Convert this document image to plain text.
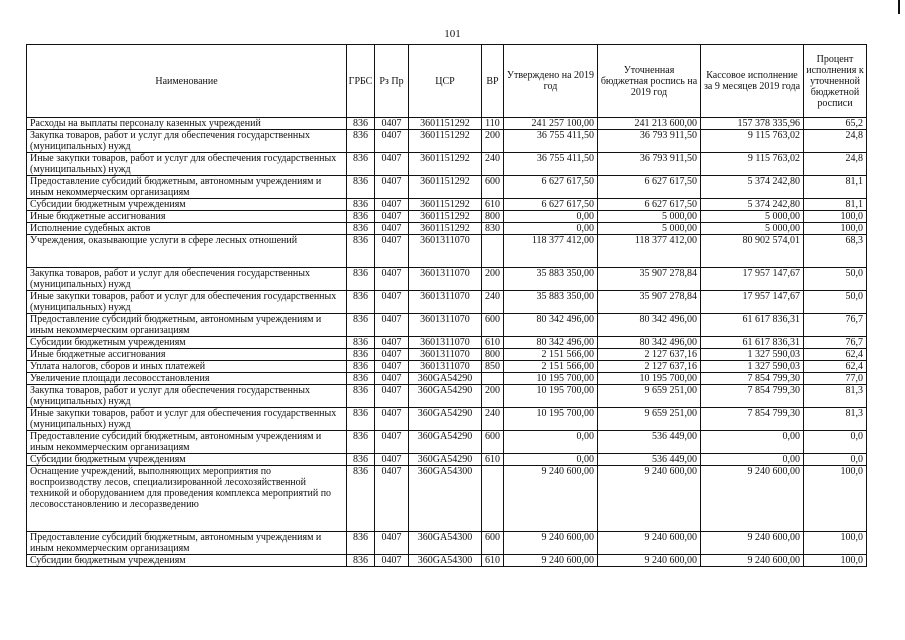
101
Наименование	ГРБС	Рз Пр	ЦСР	ВР	Утверждено на 2019 год	Уточненная бюджетная роспись на 2019 год	Кассовое исполнение за 9 месяцев 2019 года	Процент исполнения к уточненной бюджетной росписи
Расходы на выплаты персоналу казенных учреждений	836	0407	3601151292	110	241 257 100,00	241 213 600,00	157 378 335,96	65,2
Закупка товаров, работ и услуг для обеспечения государственных (муниципальных) нужд	836	0407	3601151292	200	36 755 411,50	36 793 911,50	9 115 763,02	24,8
Иные закупки товаров, работ и услуг для обеспечения государственных (муниципальных) нужд	836	0407	3601151292	240	36 755 411,50	36 793 911,50	9 115 763,02	24,8
Предоставление субсидий бюджетным, автономным учреждениям и иным некоммерческим организациям	836	0407	3601151292	600	6 627 617,50	6 627 617,50	5 374 242,80	81,1
Субсидии бюджетным учреждениям	836	0407	3601151292	610	6 627 617,50	6 627 617,50	5 374 242,80	81,1
Иные бюджетные ассигнования	836	0407	3601151292	800	0,00	5 000,00	5 000,00	100,0
Исполнение судебных актов	836	0407	3601151292	830	0,00	5 000,00	5 000,00	100,0
Учреждения, оказывающие услуги в сфере лесных отношений	836	0407	3601311070		118 377 412,00	118 377 412,00	80 902 574,01	68,3
Закупка товаров, работ и услуг для обеспечения государственных (муниципальных) нужд	836	0407	3601311070	200	35 883 350,00	35 907 278,84	17 957 147,67	50,0
Иные закупки товаров, работ и услуг для обеспечения государственных (муниципальных) нужд	836	0407	3601311070	240	35 883 350,00	35 907 278,84	17 957 147,67	50,0
Предоставление субсидий бюджетным, автономным учреждениям и иным некоммерческим организациям	836	0407	3601311070	600	80 342 496,00	80 342 496,00	61 617 836,31	76,7
Субсидии бюджетным учреждениям	836	0407	3601311070	610	80 342 496,00	80 342 496,00	61 617 836,31	76,7
Иные бюджетные ассигнования	836	0407	3601311070	800	2 151 566,00	2 127 637,16	1 327 590,03	62,4
Уплата налогов, сборов и иных платежей	836	0407	3601311070	850	2 151 566,00	2 127 637,16	1 327 590,03	62,4
Увеличение площади лесовосстановления	836	0407	360GA54290		10 195 700,00	10 195 700,00	7 854 799,30	77,0
Закупка товаров, работ и услуг для обеспечения государственных (муниципальных) нужд	836	0407	360GA54290	200	10 195 700,00	9 659 251,00	7 854 799,30	81,3
Иные закупки товаров, работ и услуг для обеспечения государственных (муниципальных) нужд	836	0407	360GA54290	240	10 195 700,00	9 659 251,00	7 854 799,30	81,3
Предоставление субсидий бюджетным, автономным учреждениям и иным некоммерческим организациям	836	0407	360GA54290	600	0,00	536 449,00	0,00	0,0
Субсидии бюджетным учреждениям	836	0407	360GA54290	610	0,00	536 449,00	0,00	0,0
Оснащение учреждений, выполняющих мероприятия по воспроизводству лесов, специализированной лесохозяйственной техникой и оборудованием для проведения комплекса мероприятий по лесовосстановлению и лесоразведению	836	0407	360GA54300		9 240 600,00	9 240 600,00	9 240 600,00	100,0
Предоставление субсидий бюджетным, автономным учреждениям и иным некоммерческим организациям	836	0407	360GA54300	600	9 240 600,00	9 240 600,00	9 240 600,00	100,0
Субсидии бюджетным учреждениям	836	0407	360GA54300	610	9 240 600,00	9 240 600,00	9 240 600,00	100,0
